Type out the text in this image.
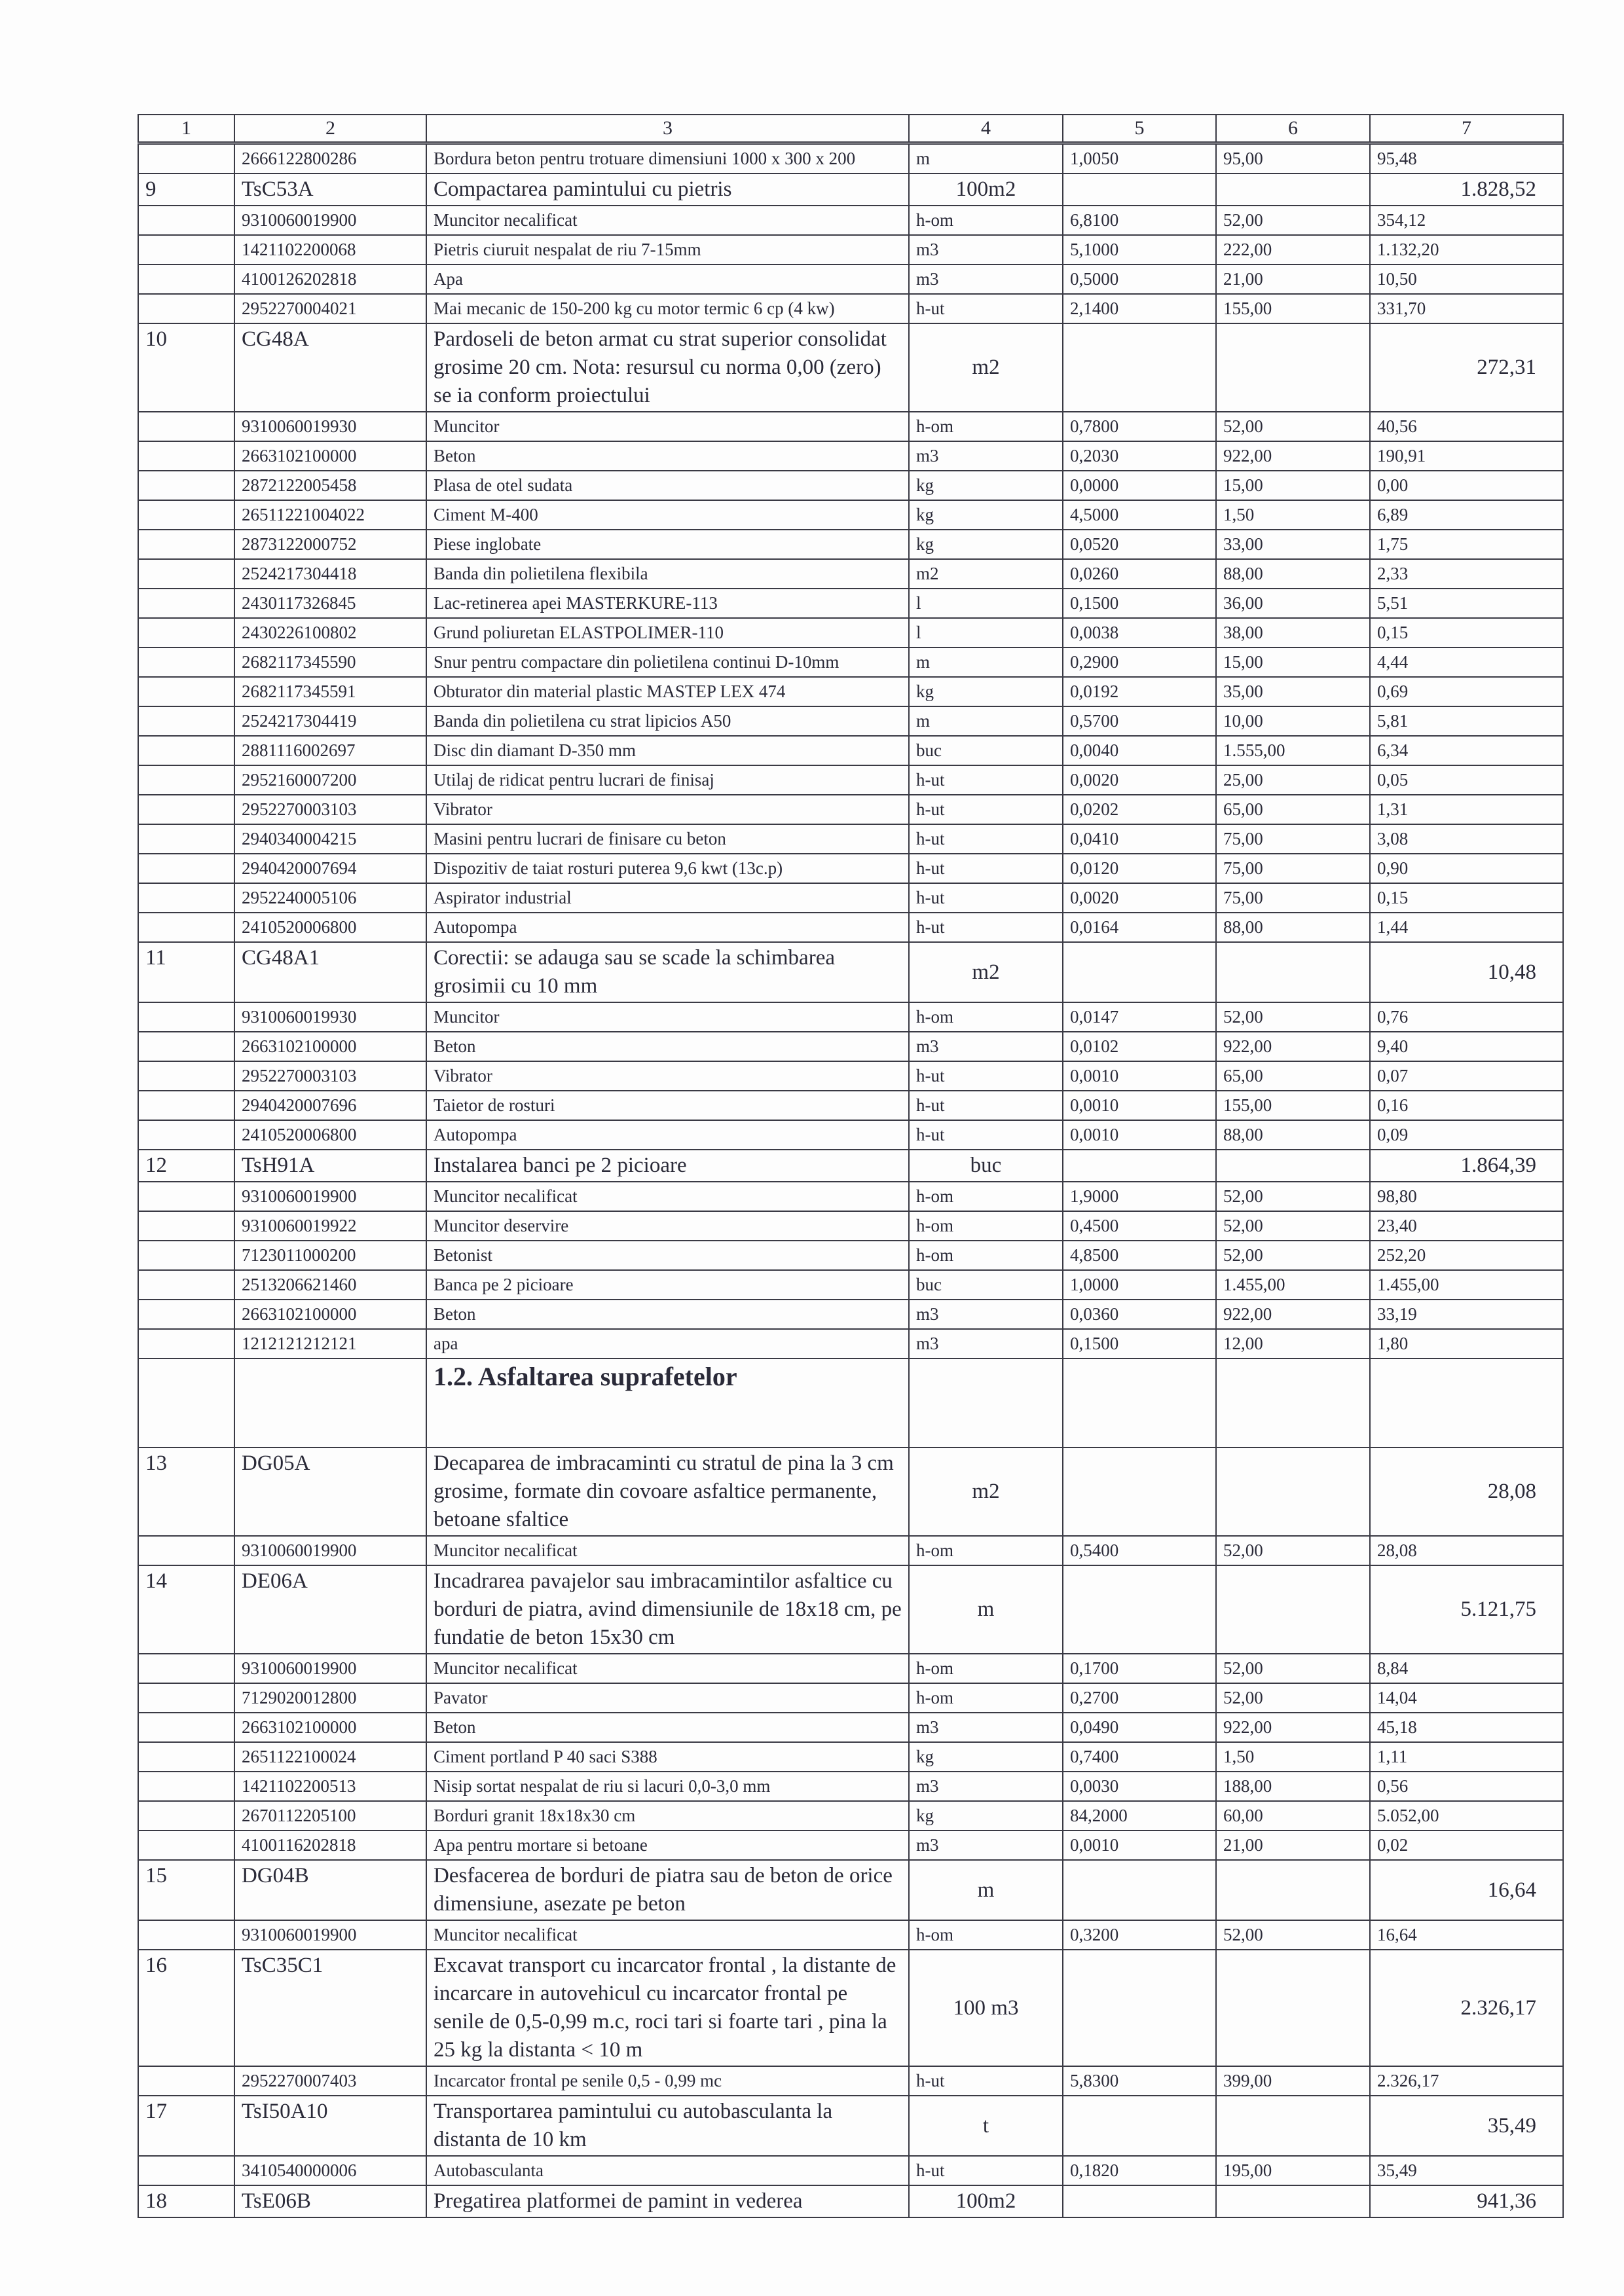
1	2	3	4	5	6	7
	2666122800286	Bordura beton pentru trotuare dimensiuni 1000 x 300 x 200	m	1,0050	95,00	95,48
9	TsC53A	Compactarea pamintului cu pietris	100m2			1.828,52
	9310060019900	Muncitor necalificat	h-om	6,8100	52,00	354,12
	1421102200068	Pietris ciuruit nespalat de riu 7-15mm	m3	5,1000	222,00	1.132,20
	4100126202818	Apa	m3	0,5000	21,00	10,50
	2952270004021	Mai mecanic de 150-200 kg cu motor termic 6 cp (4 kw)	h-ut	2,1400	155,00	331,70
10	CG48A	Pardoseli de beton armat cu strat superior consolidat grosime 20 cm. Nota: resursul cu norma 0,00 (zero) se ia conform proiectului	m2			272,31
	9310060019930	Muncitor	h-om	0,7800	52,00	40,56
	2663102100000	Beton	m3	0,2030	922,00	190,91
	2872122005458	Plasa de otel sudata	kg	0,0000	15,00	0,00
	26511221004022	Ciment M-400	kg	4,5000	1,50	6,89
	2873122000752	Piese inglobate	kg	0,0520	33,00	1,75
	2524217304418	Banda din polietilena flexibila	m2	0,0260	88,00	2,33
	2430117326845	Lac-retinerea apei MASTERKURE-113	l	0,1500	36,00	5,51
	2430226100802	Grund poliuretan ELASTPOLIMER-110	l	0,0038	38,00	0,15
	2682117345590	Snur pentru compactare din polietilena continui D-10mm	m	0,2900	15,00	4,44
	2682117345591	Obturator din material plastic MASTEP LEX 474	kg	0,0192	35,00	0,69
	2524217304419	Banda din polietilena cu strat lipicios A50	m	0,5700	10,00	5,81
	2881116002697	Disc din diamant D-350 mm	buc	0,0040	1.555,00	6,34
	2952160007200	Utilaj de ridicat pentru lucrari de finisaj	h-ut	0,0020	25,00	0,05
	2952270003103	Vibrator	h-ut	0,0202	65,00	1,31
	2940340004215	Masini pentru lucrari de finisare cu beton	h-ut	0,0410	75,00	3,08
	2940420007694	Dispozitiv de taiat rosturi puterea 9,6 kwt (13c.p)	h-ut	0,0120	75,00	0,90
	2952240005106	Aspirator industrial	h-ut	0,0020	75,00	0,15
	2410520006800	Autopompa	h-ut	0,0164	88,00	1,44
11	CG48A1	Corectii: se adauga sau se scade la schimbarea grosimii cu 10 mm	m2			10,48
	9310060019930	Muncitor	h-om	0,0147	52,00	0,76
	2663102100000	Beton	m3	0,0102	922,00	9,40
	2952270003103	Vibrator	h-ut	0,0010	65,00	0,07
	2940420007696	Taietor de rosturi	h-ut	0,0010	155,00	0,16
	2410520006800	Autopompa	h-ut	0,0010	88,00	0,09
12	TsH91A	Instalarea banci pe 2 picioare	buc			1.864,39
	9310060019900	Muncitor necalificat	h-om	1,9000	52,00	98,80
	9310060019922	Muncitor deservire	h-om	0,4500	52,00	23,40
	7123011000200	Betonist	h-om	4,8500	52,00	252,20
	2513206621460	Banca pe 2 picioare	buc	1,0000	1.455,00	1.455,00
	2663102100000	Beton	m3	0,0360	922,00	33,19
	1212121212121	apa	m3	0,1500	12,00	1,80
		1.2. Asfaltarea suprafetelor				
13	DG05A	Decaparea de imbracaminti cu stratul de pina la 3 cm grosime, formate din covoare asfaltice permanente, betoane sfaltice	m2			28,08
	9310060019900	Muncitor necalificat	h-om	0,5400	52,00	28,08
14	DE06A	Incadrarea pavajelor sau imbracamintilor asfaltice cu borduri de piatra, avind dimensiunile de 18x18 cm, pe fundatie de beton 15x30 cm	m			5.121,75
	9310060019900	Muncitor necalificat	h-om	0,1700	52,00	8,84
	7129020012800	Pavator	h-om	0,2700	52,00	14,04
	2663102100000	Beton	m3	0,0490	922,00	45,18
	2651122100024	Ciment portland P 40 saci S388	kg	0,7400	1,50	1,11
	1421102200513	Nisip sortat nespalat de riu si lacuri 0,0-3,0 mm	m3	0,0030	188,00	0,56
	2670112205100	Borduri granit 18x18x30 cm	kg	84,2000	60,00	5.052,00
	4100116202818	Apa pentru mortare si betoane	m3	0,0010	21,00	0,02
15	DG04B	Desfacerea de borduri de piatra sau de beton de orice dimensiune, asezate pe beton	m			16,64
	9310060019900	Muncitor necalificat	h-om	0,3200	52,00	16,64
16	TsC35C1	Excavat transport cu incarcator frontal , la distante de incarcare in autovehicul cu incarcator frontal pe senile de 0,5-0,99 m.c, roci tari si foarte tari , pina la 25 kg la distanta < 10 m	100 m3			2.326,17
	2952270007403	Incarcator frontal pe senile 0,5 - 0,99 mc	h-ut	5,8300	399,00	2.326,17
17	TsI50A10	Transportarea pamintului cu autobasculanta la distanta de 10 km	t			35,49
	3410540000006	Autobasculanta	h-ut	0,1820	195,00	35,49
18	TsE06B	Pregatirea platformei de pamint in vederea	100m2			941,36
